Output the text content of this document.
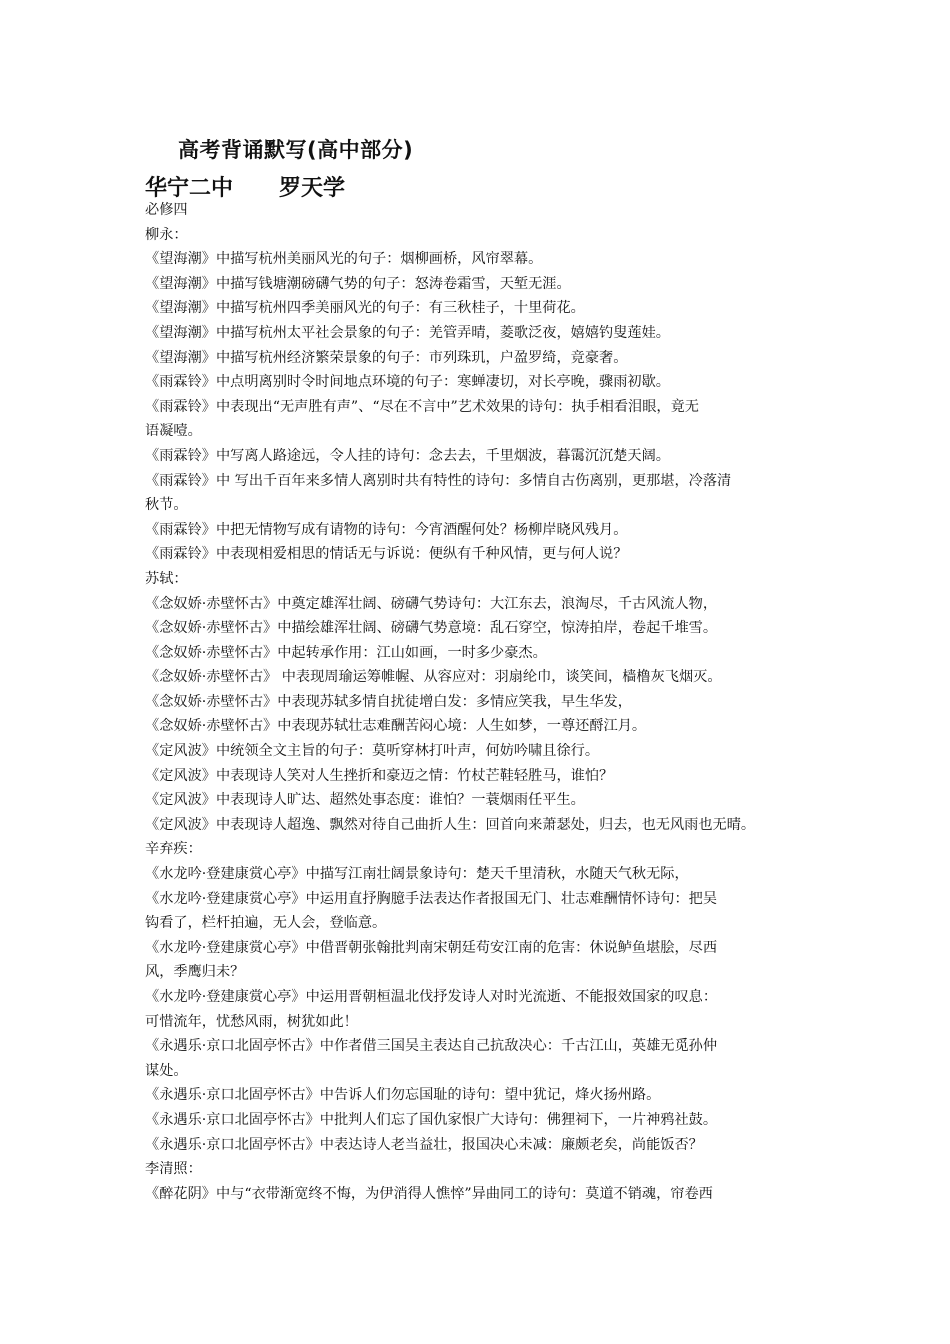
高考背诵默写(高中部分)
华宁二中      罗天学
必修四
柳永：
《望海潮》中描写杭州美丽风光的句子：烟柳画桥，风帘翠幕。
《望海潮》中描写钱塘潮磅礴气势的句子：怒涛卷霜雪，天堑无涯。
《望海潮》中描写杭州四季美丽风光的句子：有三秋桂子，十里荷花。
《望海潮》中描写杭州太平社会景象的句子：羌管弄晴，菱歌泛夜，嬉嬉钓叟莲娃。
《望海潮》中描写杭州经济繁荣景象的句子：市列珠玑，户盈罗绮，竞豪奢。
《雨霖铃》中点明离别时令时间地点环境的句子：寒蝉凄切，对长亭晚，骤雨初歇。
《雨霖铃》中表现出“无声胜有声”、“尽在不言中”艺术效果的诗句：执手相看泪眼，竟无
语凝噎。
《雨霖铃》中写离人路途远，令人挂的诗句：念去去，千里烟波，暮霭沉沉楚天阔。
《雨霖铃》中 写出千百年来多情人离别时共有特性的诗句：多情自古伤离别，更那堪，冷落清
秋节。
《雨霖铃》中把无情物写成有请物的诗句：今宵酒醒何处？杨柳岸晓风残月。
《雨霖铃》中表现相爱相思的情话无与诉说：便纵有千种风情，更与何人说？
苏轼：
《念奴娇·赤壁怀古》中奠定雄浑壮阔、磅礴气势诗句：大江东去，浪淘尽，千古风流人物，
《念奴娇·赤壁怀古》中描绘雄浑壮阔、磅礴气势意境：乱石穿空，惊涛拍岸，卷起千堆雪。
《念奴娇·赤壁怀古》中起转承作用：江山如画，一时多少豪杰。
《念奴娇·赤壁怀古》 中表现周瑜运筹帷幄、从容应对：羽扇纶巾，谈笑间，樯橹灰飞烟灭。
《念奴娇·赤壁怀古》中表现苏轼多情自扰徒增白发：多情应笑我，早生华发，
《念奴娇·赤壁怀古》中表现苏轼壮志难酬苦闷心境：人生如梦，一尊还酹江月。
《定风波》中统领全文主旨的句子：莫听穿林打叶声，何妨吟啸且徐行。
《定风波》中表现诗人笑对人生挫折和豪迈之情：竹杖芒鞋轻胜马，谁怕？
《定风波》中表现诗人旷达、超然处事态度：谁怕？一蓑烟雨任平生。
《定风波》中表现诗人超逸、飘然对待自己曲折人生：回首向来萧瑟处，归去，也无风雨也无晴。
辛弃疾：
《水龙吟·登建康赏心亭》中描写江南壮阔景象诗句：楚天千里清秋，水随天气秋无际，
《水龙吟·登建康赏心亭》中运用直抒胸臆手法表达作者报国无门、壮志难酬情怀诗句：把吴
钩看了，栏杆拍遍，无人会，登临意。
《水龙吟·登建康赏心亭》中借晋朝张翰批判南宋朝廷苟安江南的危害：休说鲈鱼堪脍，尽西
风，季鹰归未？
《水龙吟·登建康赏心亭》中运用晋朝桓温北伐抒发诗人对时光流逝、不能报效国家的叹息：
可惜流年，忧愁风雨，树犹如此！
《永遇乐·京口北固亭怀古》中作者借三国吴主表达自己抗敌决心：千古江山，英雄无觅孙仲
谋处。
《永遇乐·京口北固亭怀古》中告诉人们勿忘国耻的诗句：望中犹记，烽火扬州路。
《永遇乐·京口北固亭怀古》中批判人们忘了国仇家恨广大诗句：佛狸祠下，一片神鸦社鼓。
《永遇乐·京口北固亭怀古》中表达诗人老当益壮，报国决心未减：廉颇老矣，尚能饭否？
李清照：
《醉花阴》中与“衣带渐宽终不悔，为伊消得人憔悴”异曲同工的诗句：莫道不销魂，帘卷西
